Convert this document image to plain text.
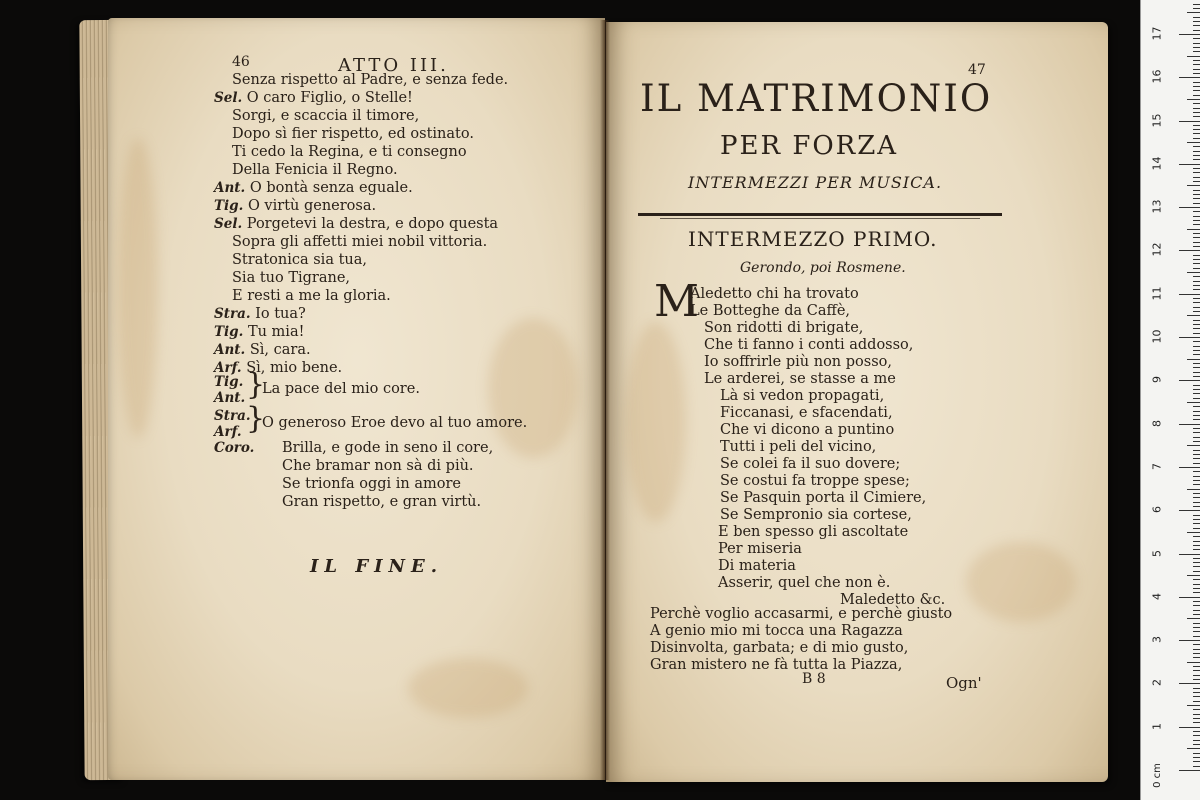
46	ATTO III.
Senza rispetto al Padre, e senza fede.
Sel. O caro Figlio, o Stelle!
Sorgi, e scaccia il timore,
Dopo sì fier rispetto, ed ostinato.
Ti cedo la Regina, e ti consegno
Della Fenicia il Regno.
Ant. O bontà senza eguale.
Tig. O virtù generosa.
Sel. Porgetevi la destra, e dopo questa
Sopra gli affetti miei nobil vittoria.
Stratonica sia tua,
Sia tuo Tigrane,
E resti a me la gloria.
Stra. Io tua?
Tig. Tu mia!
Ant. Sì, cara.
Arf. Sì, mio bene.
Tig.
Ant. }
La pace del mio core.
Stra.
Arf. }
O generoso Eroe devo al tuo amore.
Coro. Brilla, e gode in seno il core,
Che bramar non sà di più.
Se trionfa oggi in amore
Gran rispetto, e gran virtù.
IL FINE.
47
IL MATRIMONIO
PER FORZA
INTERMEZZI PER MUSICA.
INTERMEZZO PRIMO.
Gerondo, poi Rosmene.
M
Aledetto chi ha trovato
Le Botteghe da Caffè,
Son ridotti di brigate,
Che ti fanno i conti addosso,
Io soffrirle più non posso,
Le arderei, se stasse a me
Là si vedon propagati,
Ficcanasi, e sfacendati,
Che vi dicono a puntino
Tutti i peli del vicino,
Se colei fa il suo dovere;
Se costui fa troppe spese;
Se Pasquin porta il Cimiere,
Se Sempronio sia cortese,
E ben spesso gli ascoltate
Per miseria
Di materia
Asserir, quel che non è.
Maledetto &c.
Perchè voglio accasarmi, e perchè giusto
A genio mio mi tocca una Ragazza
Disinvolta, garbata; e di mio gusto,
Gran mistero ne fà tutta la Piazza,
B 8	Ogn'
0 cm
1
2
3
4
5
6
7
8
9
10
11
12
13
14
15
16
17
